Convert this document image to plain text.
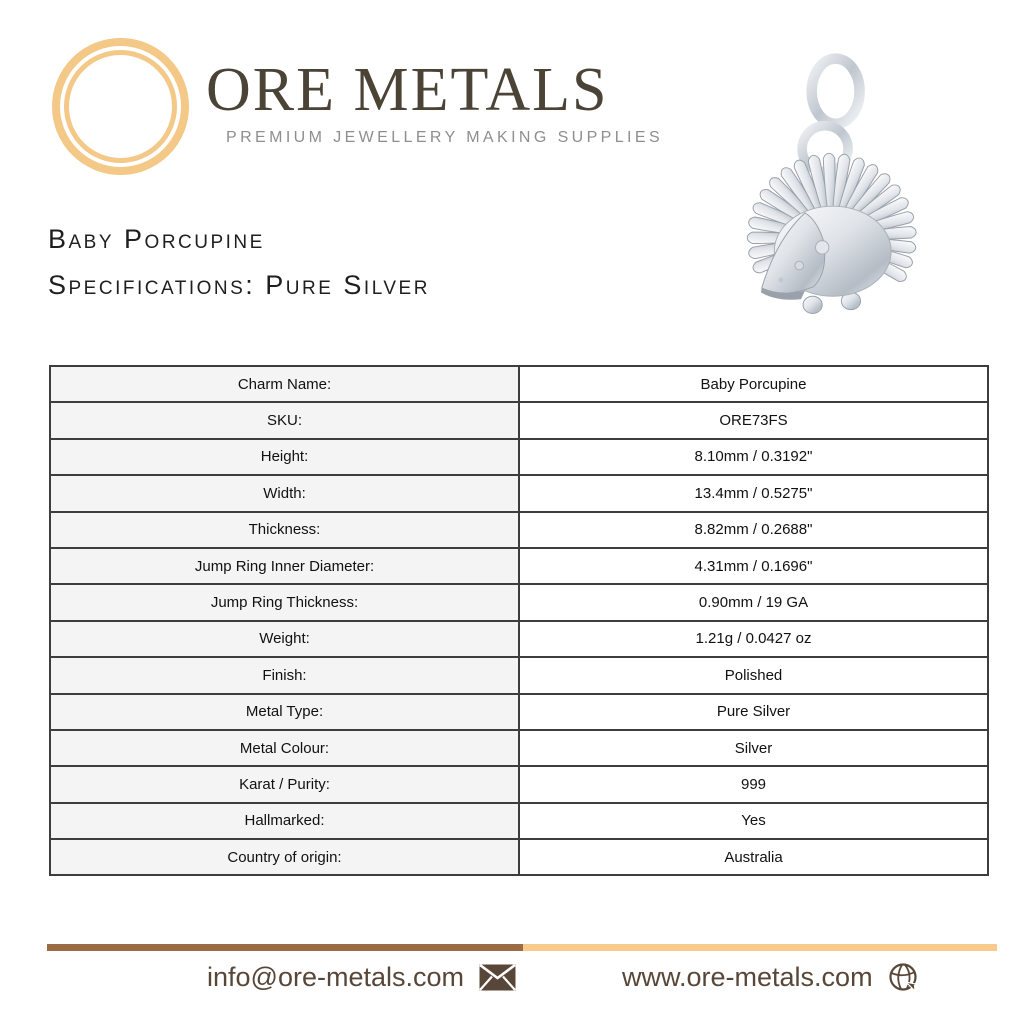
ORE METALS
PREMIUM JEWELLERY MAKING SUPPLIES
Baby Porcupine
Specifications: Pure Silver
Charm Name:	Baby Porcupine
SKU:	ORE73FS
Height:	8.10mm / 0.3192"
Width:	13.4mm / 0.5275"
Thickness:	8.82mm / 0.2688"
Jump Ring Inner Diameter:	4.31mm / 0.1696"
Jump Ring Thickness:	0.90mm / 19 GA
Weight:	1.21g / 0.0427 oz
Finish:	Polished
Metal Type:	Pure Silver
Metal Colour:	Silver
Karat / Purity:	999
Hallmarked:	Yes
Country of origin:	Australia
info@ore-metals.com	www.ore-metals.com
